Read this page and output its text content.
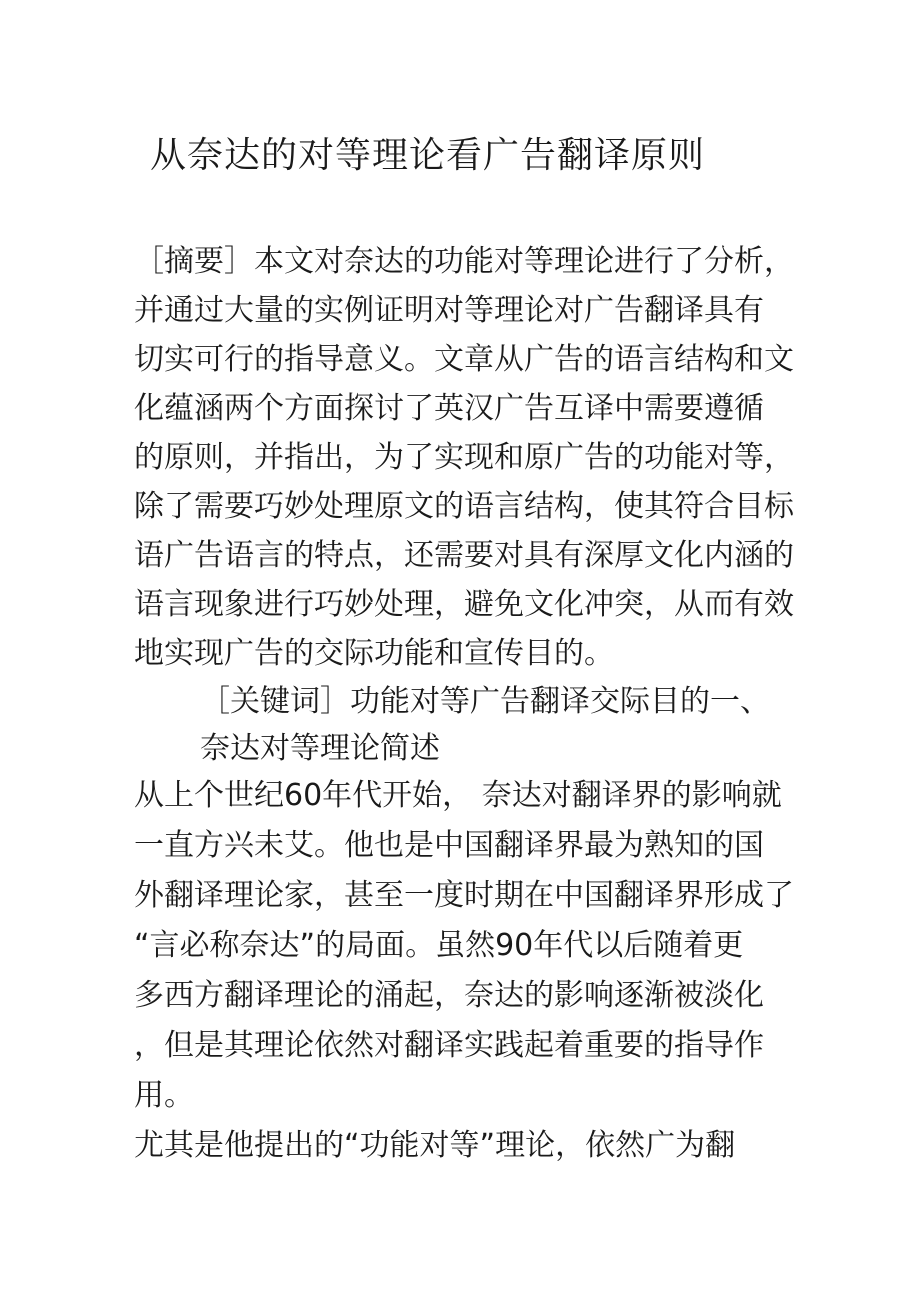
从奈达的对等理论看广告翻译原则
［摘要］本文对奈达的功能对等理论进行了分析，
并通过大量的实例证明对等理论对广告翻译具有
切实可行的指导意义。文章从广告的语言结构和文
化蕴涵两个方面探讨了英汉广告互译中需要遵循
的原则，并指出，为了实现和原广告的功能对等，
除了需要巧妙处理原文的语言结构，使其符合目标
语广告语言的特点，还需要对具有深厚文化内涵的
语言现象进行巧妙处理，避免文化冲突，从而有效
地实现广告的交际功能和宣传目的。
［关键词］功能对等广告翻译交际目的一、
奈达对等理论简述
从上个世纪60年代开始， 奈达对翻译界的影响就
一直方兴未艾。他也是中国翻译界最为熟知的国
外翻译理论家，甚至一度时期在中国翻译界形成了
“言必称奈达”的局面。虽然90年代以后随着更
多西方翻译理论的涌起，奈达的影响逐渐被淡化
，但是其理论依然对翻译实践起着重要的指导作
用。
尤其是他提出的“功能对等”理论，依然广为翻
